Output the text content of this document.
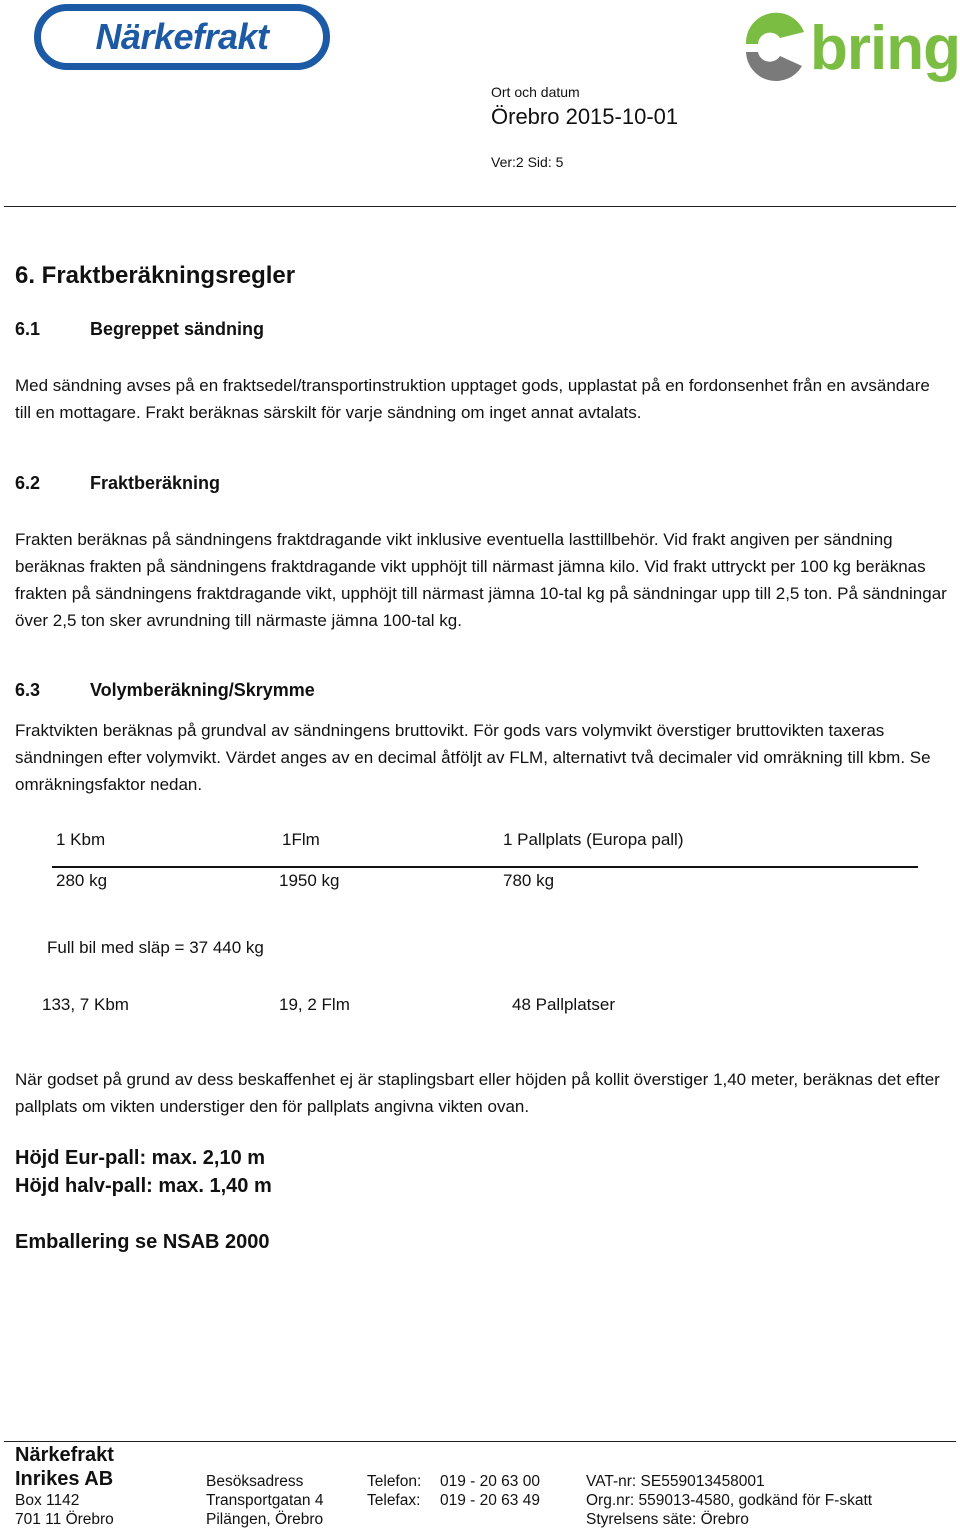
Närkefrakt	bring
Ort och datum
Örebro 2015-10-01
Ver:2 Sid: 5
6. Fraktberäkningsregler
6.1	Begreppet sändning

Med sändning avses på en fraktsedel/transportinstruktion upptaget gods, upplastat på en fordonsenhet från en avsändare till en mottagare. Frakt beräknas särskilt för varje sändning om inget annat avtalats.

6.2	Fraktberäkning

Frakten beräknas på sändningens fraktdragande vikt inklusive eventuella lasttillbehör. Vid frakt angiven per sändning beräknas frakten på sändningens fraktdragande vikt upphöjt till närmast jämna kilo. Vid frakt uttryckt per 100 kg beräknas frakten på sändningens fraktdragande vikt, upphöjt till närmast jämna 10-tal kg på sändningar upp till 2,5 ton. På sändningar över 2,5 ton sker avrundning till närmaste jämna 100-tal kg.

6.3	Volymberäkning/Skrymme

Fraktvikten beräknas på grundval av sändningens bruttovikt. För gods vars volymvikt överstiger bruttovikten taxeras sändningen efter volymvikt. Värdet anges av en decimal åtföljt av FLM, alternativt två decimaler vid omräkning till kbm. Se omräkningsfaktor nedan.

1 Kbm	1Flm	1 Pallplats (Europa pall)
280 kg	1950 kg	780 kg
Full bil med släp = 37 440 kg
133, 7 Kbm	19, 2 Flm	48 Pallplatser

När godset på grund av dess beskaffenhet ej är staplingsbart eller höjden på kollit överstiger 1,40 meter, beräknas det efter pallplats om vikten understiger den för pallplats angivna vikten ovan.

Höjd Eur-pall: max. 2,10 m
Höjd halv-pall: max. 1,40 m
Emballering se NSAB 2000
Närkefrakt
Inrikes AB
Box 1142
701 11 Örebro
Besöksadress
Transportgatan 4
Pilängen, Örebro
Telefon: 019 - 20 63 00
Telefax: 019 - 20 63 49
VAT-nr: SE559013458001
Org.nr: 559013-4580, godkänd för F-skatt
Styrelsens säte: Örebro
